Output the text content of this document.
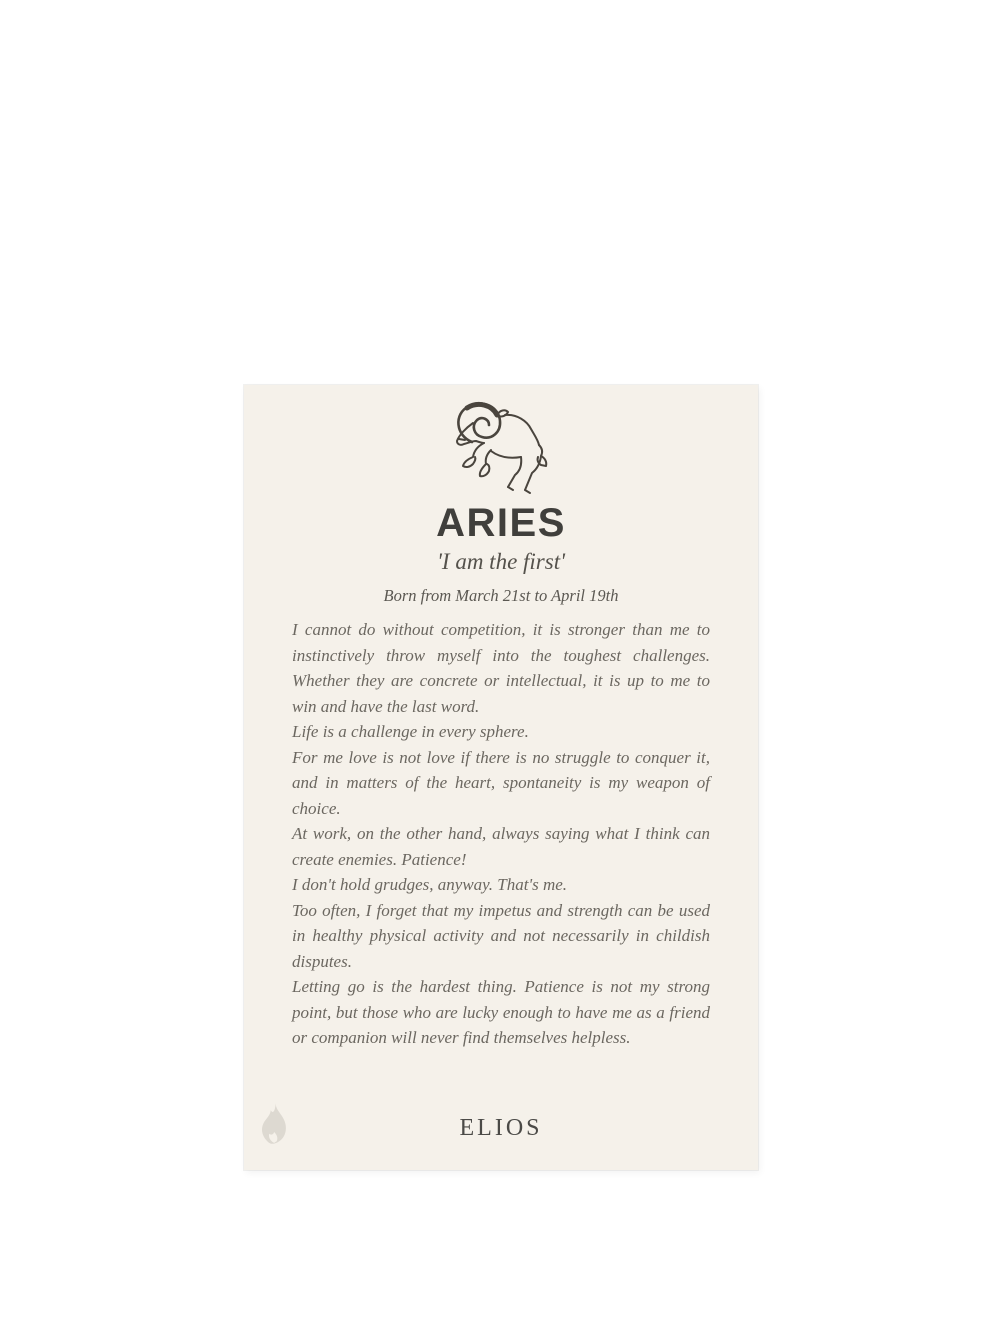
ARIES
'I am the first'
Born from March 21st to April 19th

I cannot do without competition, it is stronger than me to instinctively throw myself into the toughest challenges. Whether they are concrete or intellectual, it is up to me to win and have the last word.

Life is a challenge in every sphere.

For me love is not love if there is no struggle to conquer it, and in matters of the heart, spontaneity is my weapon of choice.

At work, on the other hand, always saying what I think can create enemies. Patience!

I don't hold grudges, anyway. That's me.

Too often, I forget that my impetus and strength can be used in healthy physical activity and not necessarily in childish disputes.

Letting go is the hardest thing. Patience is not my strong point, but those who are lucky enough to have me as a friend or companion will never find themselves helpless.

ELIOS
